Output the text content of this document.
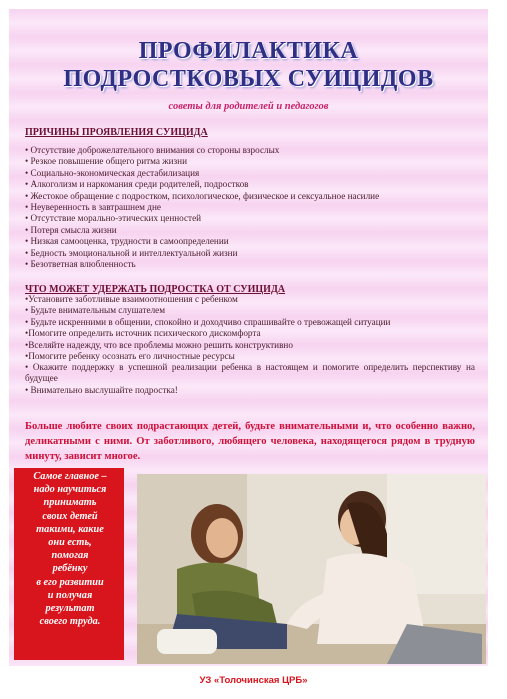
ПРОФИЛАКТИКА
ПОДРОСТКОВЫХ СУИЦИДОВ
советы для родителей и педагогов
ПРИЧИНЫ ПРОЯВЛЕНИЯ СУИЦИДА
• Отсутствие доброжелательного внимания со стороны взрослых
• Резкое повышение общего ритма жизни
• Социально-экономическая дестабилизация
• Алкоголизм и наркомания среди родителей, подростков
• Жестокое обращение с подростком, психологическое, физическое и сексуальное насилие
• Неуверенность в завтрашнем дне
• Отсутствие морально-этических ценностей
• Потеря смысла жизни
• Низкая самооценка, трудности в самоопределении
• Бедность эмоциональной и интеллектуальной жизни
• Безответная влюбленность
ЧТО МОЖЕТ УДЕРЖАТЬ ПОДРОСТКА ОТ СУИЦИДА
•Установите заботливые взаимоотношения с ребенком
• Будьте внимательным слушателем
• Будьте искренними в общении, спокойно и доходчиво спрашивайте о тревожащей ситуации
•Помогите определить источник психического дискомфорта
•Вселяйте надежду, что все проблемы можно решить конструктивно
•Помогите ребенку осознать его личностные ресурсы
• Окажите поддержку в успешной реализации ребенка в настоящем и помогите определить перспективу на будущее
• Внимательно выслушайте подростка!
Больше любите своих подрастающих детей, будьте внимательными и, что особенно важно, деликатными с ними. От заботливого, любящего человека, находящегося рядом в трудную минуту, зависит многое.
Самое главное –
надо научиться
принимать
своих детей
такими, какие
они есть,
помогая
ребёнку
в его развитии
и получая
результат
своего труда.
УЗ «Толочинская ЦРБ»
